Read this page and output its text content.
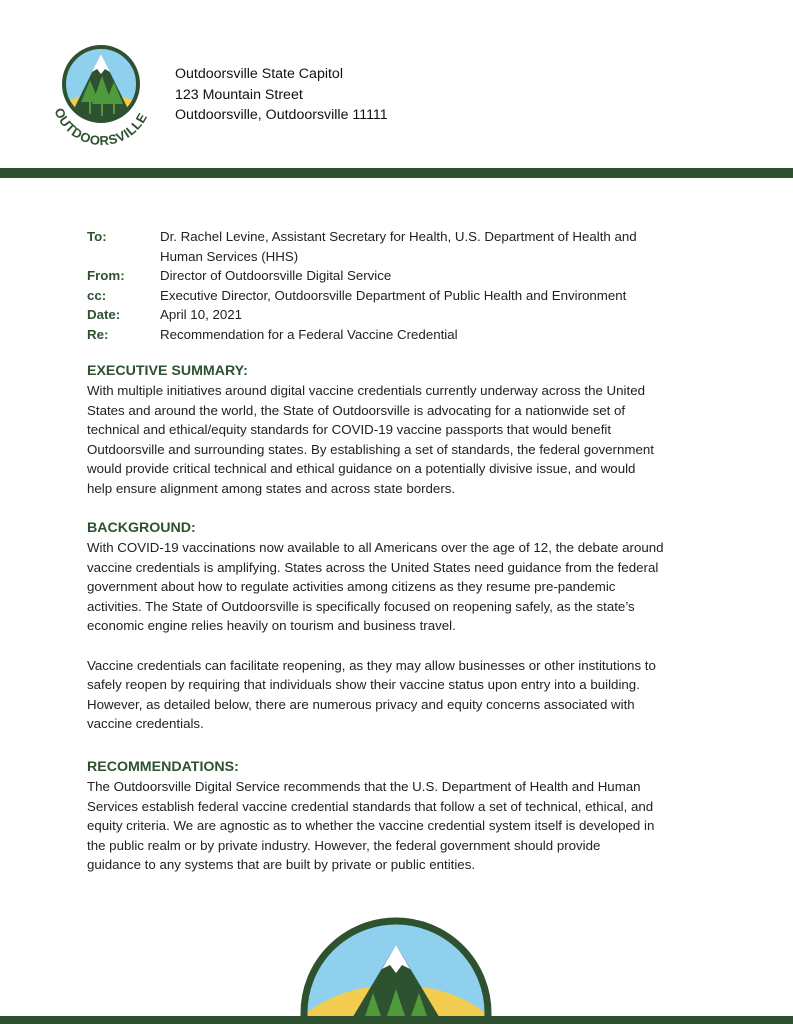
OUTDOORSVILLE
Outdoorsville State Capitol
123 Mountain Street
Outdoorsville, Outdoorsville 11111
To:	Dr. Rachel Levine, Assistant Secretary for Health, U.S. Department of Health and
Human Services (HHS)
From:	Director of Outdoorsville Digital Service
cc:	Executive Director, Outdoorsville Department of Public Health and Environment
Date:	April 10, 2021
Re:	Recommendation for a Federal Vaccine Credential
EXECUTIVE SUMMARY:

With multiple initiatives around digital vaccine credentials currently underway across the United
States and around the world, the State of Outdoorsville is advocating for a nationwide set of
technical and ethical/equity standards for COVID-19 vaccine passports that would benefit
Outdoorsville and surrounding states. By establishing a set of standards, the federal government
would provide critical technical and ethical guidance on a potentially divisive issue, and would
help ensure alignment among states and across state borders.

BACKGROUND:

With COVID-19 vaccinations now available to all Americans over the age of 12, the debate around
vaccine credentials is amplifying. States across the United States need guidance from the federal
government about how to regulate activities among citizens as they resume pre-pandemic
activities. The State of Outdoorsville is specifically focused on reopening safely, as the state’s
economic engine relies heavily on tourism and business travel.

Vaccine credentials can facilitate reopening, as they may allow businesses or other institutions to
safely reopen by requiring that individuals show their vaccine status upon entry into a building.
However, as detailed below, there are numerous privacy and equity concerns associated with
vaccine credentials.

RECOMMENDATIONS:

The Outdoorsville Digital Service recommends that the U.S. Department of Health and Human
Services establish federal vaccine credential standards that follow a set of technical, ethical, and
equity criteria. We are agnostic as to whether the vaccine credential system itself is developed in
the public realm or by private industry. However, the federal government should provide
guidance to any systems that are built by private or public entities.
